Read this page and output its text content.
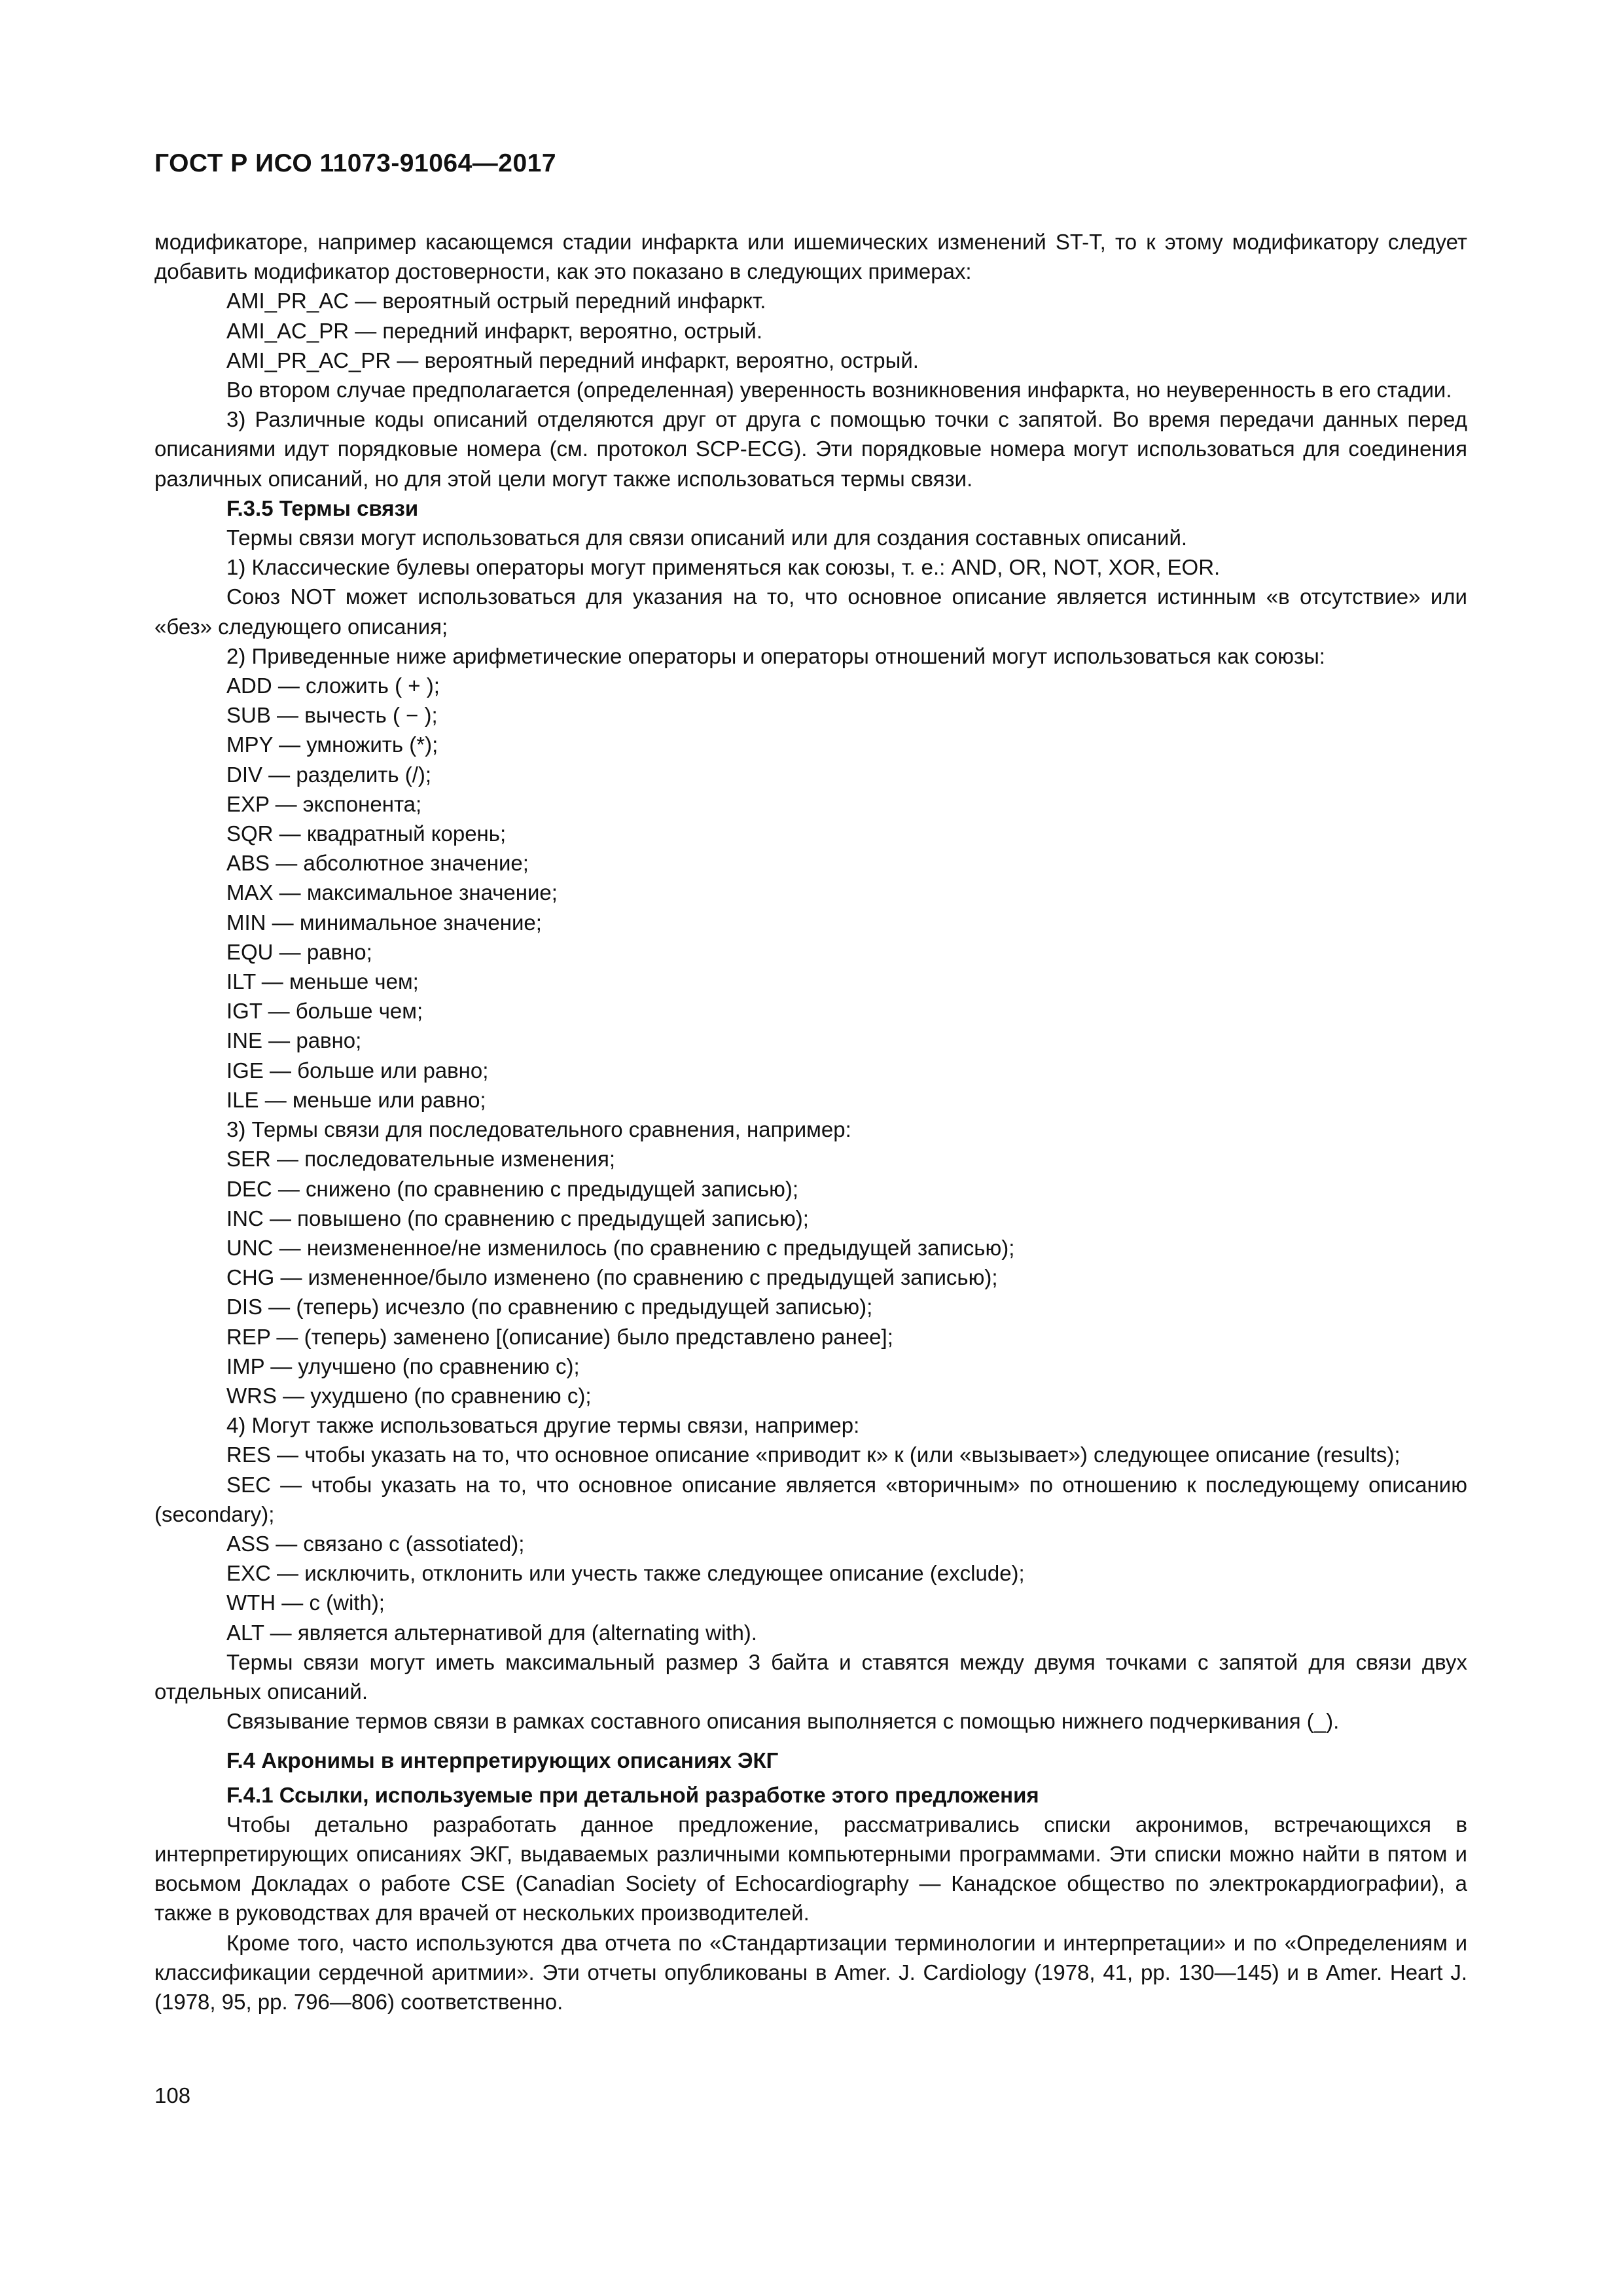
ГОСТ Р ИСО 11073-91064—2017

модификаторе, например касающемся стадии инфаркта или ишемических изменений ST-T, то к этому модификатору следует добавить модификатор достоверности, как это показано в следующих примерах:

AMI_PR_AC — вероятный острый передний инфаркт.

AMI_AC_PR — передний инфаркт, вероятно, острый.

AMI_PR_AC_PR — вероятный передний инфаркт, вероятно, острый.

Во втором случае предполагается (определенная) уверенность возникновения инфаркта, но неуверенность в его стадии.

3) Различные коды описаний отделяются друг от друга с помощью точки с запятой. Во время передачи данных перед описаниями идут порядковые номера (см. протокол SCP-ECG). Эти порядковые номера могут использоваться для соединения различных описаний, но для этой цели могут также использоваться термы связи.

F.3.5 Термы связи

Термы связи могут использоваться для связи описаний или для создания составных описаний.

1) Классические булевы операторы могут применяться как союзы, т. е.: AND, OR, NOT, XOR, EOR.

Союз NOT может использоваться для указания на то, что основное описание является истинным «в отсутствие» или «без» следующего описания;

2) Приведенные ниже арифметические операторы и операторы отношений могут использоваться как союзы:

ADD — сложить ( + );

SUB — вычесть ( − );

MPY — умножить (*);

DIV — разделить (/);

EXP — экспонента;

SQR — квадратный корень;

ABS — абсолютное значение;

MAX — максимальное значение;

MIN — минимальное значение;

EQU — равно;

ILT — меньше чем;

IGT — больше чем;

INE — равно;

IGE — больше или равно;

ILE — меньше или равно;

3) Термы связи для последовательного сравнения, например:

SER — последовательные изменения;

DEC — снижено (по сравнению с предыдущей записью);

INC — повышено (по сравнению с предыдущей записью);

UNC — неизмененное/не изменилось (по сравнению с предыдущей записью);

CHG — измененное/было изменено (по сравнению с предыдущей записью);

DIS — (теперь) исчезло (по сравнению с предыдущей записью);

REP — (теперь) заменено [(описание) было представлено ранее];

IMP — улучшено (по сравнению с);

WRS — ухудшено (по сравнению с);

4) Могут также использоваться другие термы связи, например:

RES — чтобы указать на то, что основное описание «приводит к» к (или «вызывает») следующее описание (results);

SEC — чтобы указать на то, что основное описание является «вторичным» по отношению к последующему описанию (secondary);

ASS — связано с (assotiated);

EXC — исключить, отклонить или учесть также следующее описание (exclude);

WTH — с (with);

ALT — является альтернативой для (alternating with).

Термы связи могут иметь максимальный размер 3 байта и ставятся между двумя точками с запятой для связи двух отдельных описаний.

Связывание термов связи в рамках составного описания выполняется с помощью нижнего подчеркивания (_).

F.4 Акронимы в интерпретирующих описаниях ЭКГ

F.4.1 Ссылки, используемые при детальной разработке этого предложения

Чтобы детально разработать данное предложение, рассматривались списки акронимов, встречающихся в интерпретирующих описаниях ЭКГ, выдаваемых различными компьютерными программами. Эти списки можно найти в пятом и восьмом Докладах о работе CSE (Canadian Society of Echocardiography — Канадское общество по электрокардиографии), а также в руководствах для врачей от нескольких производителей.

Кроме того, часто используются два отчета по «Стандартизации терминологии и интерпретации» и по «Определениям и классификации сердечной аритмии». Эти отчеты опубликованы в Amer. J. Cardiology (1978, 41, pp. 130—145) и в Amer. Heart J. (1978, 95, pp. 796—806) соответственно.

108
